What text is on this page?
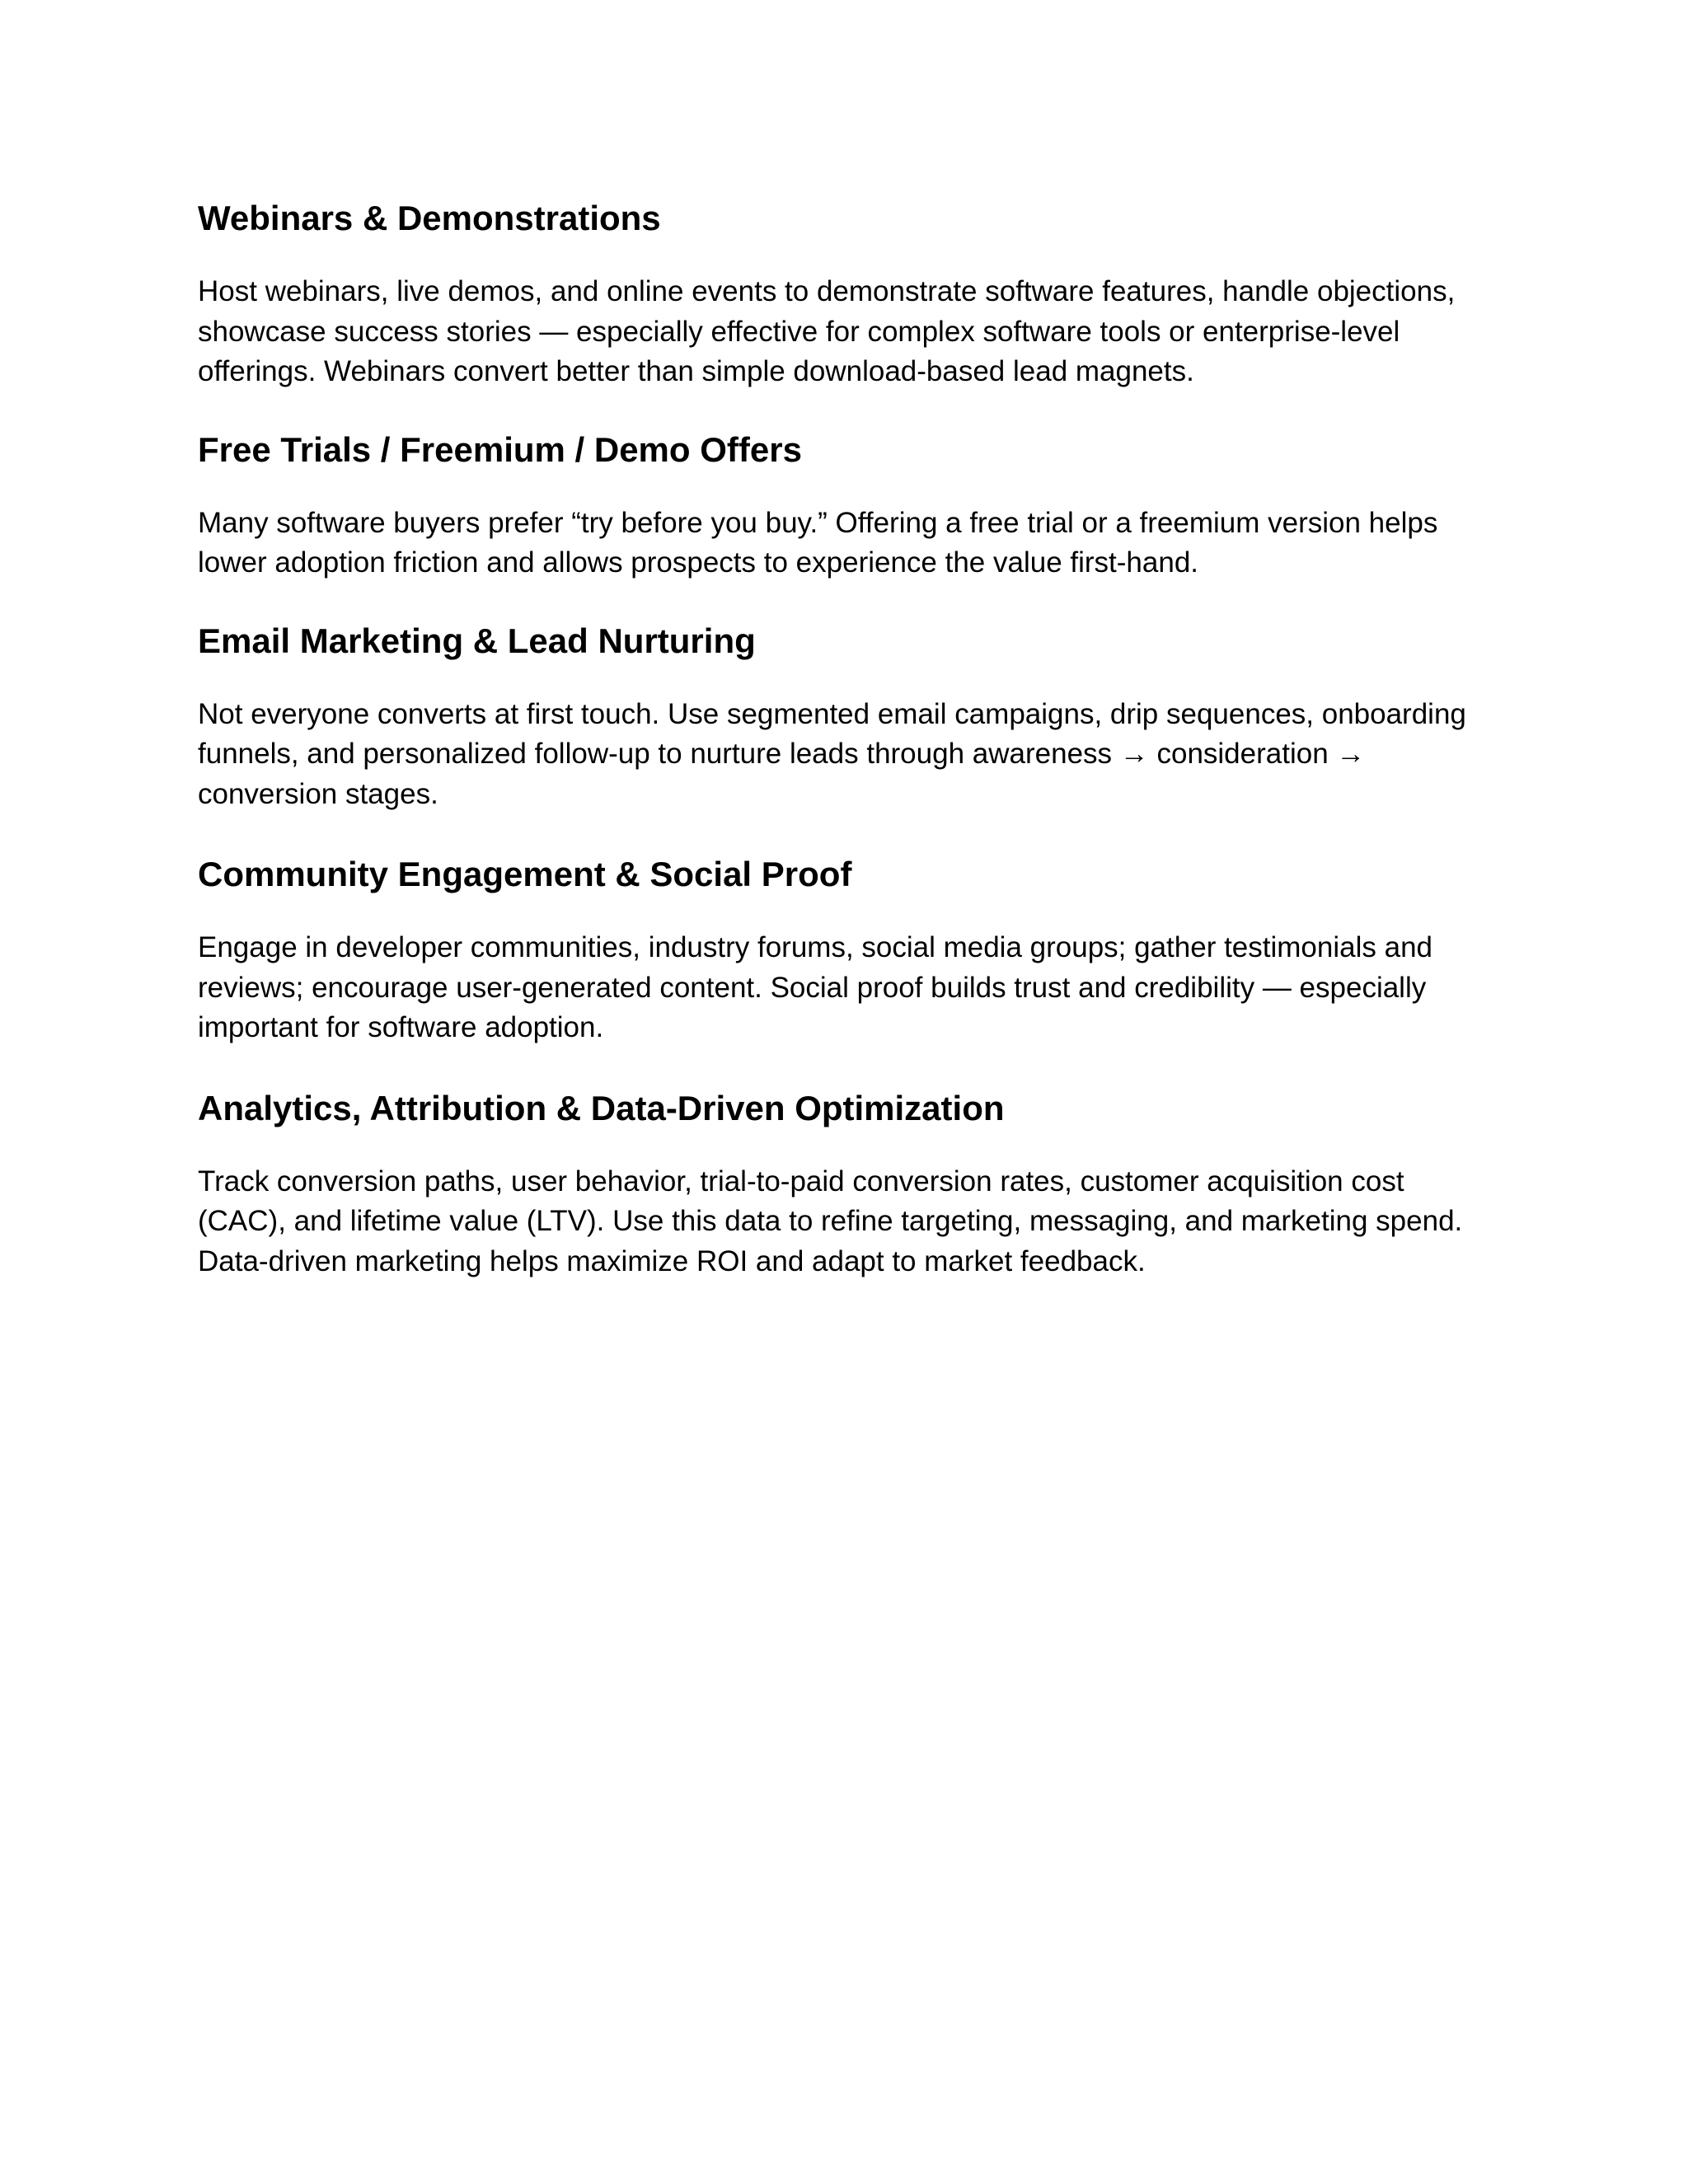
Webinars & Demonstrations

Host webinars, live demos, and online events to demonstrate software features, handle objections, showcase success stories — especially effective for complex software tools or enterprise‑level offerings. Webinars convert better than simple download-based lead magnets.

Free Trials / Freemium / Demo Offers

Many software buyers prefer “try before you buy.” Offering a free trial or a freemium version helps lower adoption friction and allows prospects to experience the value first-hand.

Email Marketing & Lead Nurturing

Not everyone converts at first touch. Use segmented email campaigns, drip sequences, onboarding funnels, and personalized follow-up to nurture leads through awareness → consideration → conversion stages.

Community Engagement & Social Proof

Engage in developer communities, industry forums, social media groups; gather testimonials and reviews; encourage user-generated content. Social proof builds trust and credibility — especially important for software adoption.

Analytics, Attribution & Data-Driven Optimization

Track conversion paths, user behavior, trial-to-paid conversion rates, customer acquisition cost (CAC), and lifetime value (LTV). Use this data to refine targeting, messaging, and marketing spend. Data-driven marketing helps maximize ROI and adapt to market feedback.
